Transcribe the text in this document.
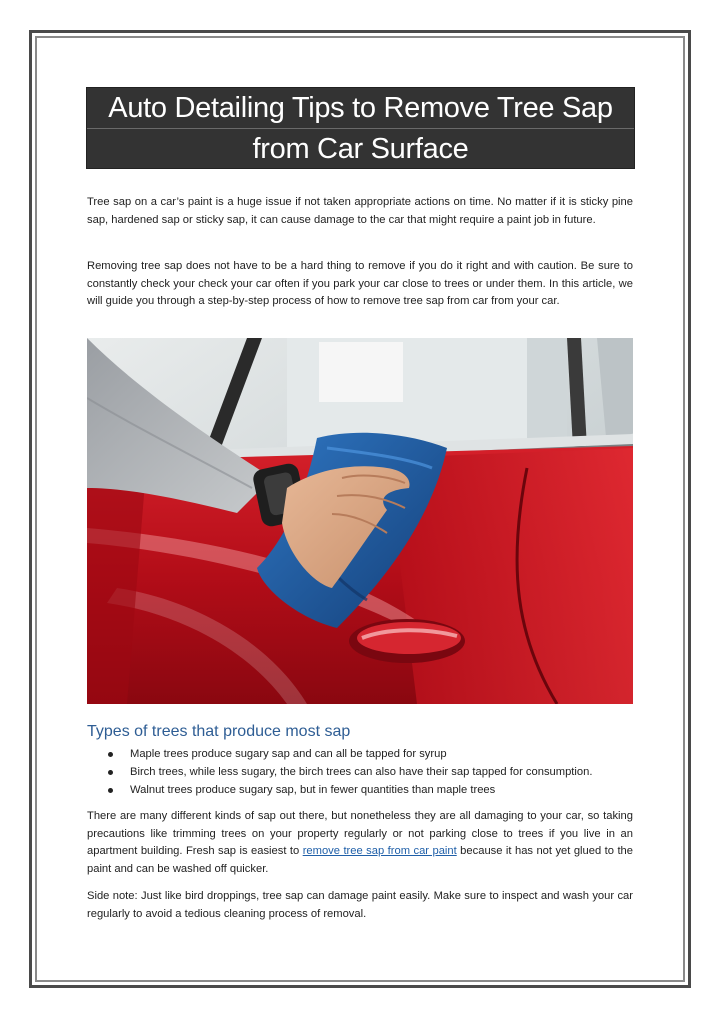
Auto Detailing Tips to Remove Tree Sap
from Car Surface

Tree sap on a car’s paint is a huge issue if not taken appropriate actions on time. No matter if it is sticky pine sap, hardened sap or sticky sap, it can cause damage to the car that might require a paint job in future.

Removing tree sap does not have to be a hard thing to remove if you do it right and with caution. Be sure to constantly check your check your car often if you park your car close to trees or under them. In this article, we will guide you through a step-by-step process of how to remove tree sap from car from your car.

Types of trees that produce most sap
Maple trees produce sugary sap and can all be tapped for syrup
Birch trees, while less sugary, the birch trees can also have their sap tapped for consumption.
Walnut trees produce sugary sap, but in fewer quantities than maple trees

There are many different kinds of sap out there, but nonetheless they are all damaging to your car, so taking precautions like trimming trees on your property regularly or not parking close to trees if you live in an apartment building. Fresh sap is easiest to remove tree sap from car paint because it has not yet glued to the paint and can be washed off quicker.

Side note: Just like bird droppings, tree sap can damage paint easily. Make sure to inspect and wash your car regularly to avoid a tedious cleaning process of removal.
